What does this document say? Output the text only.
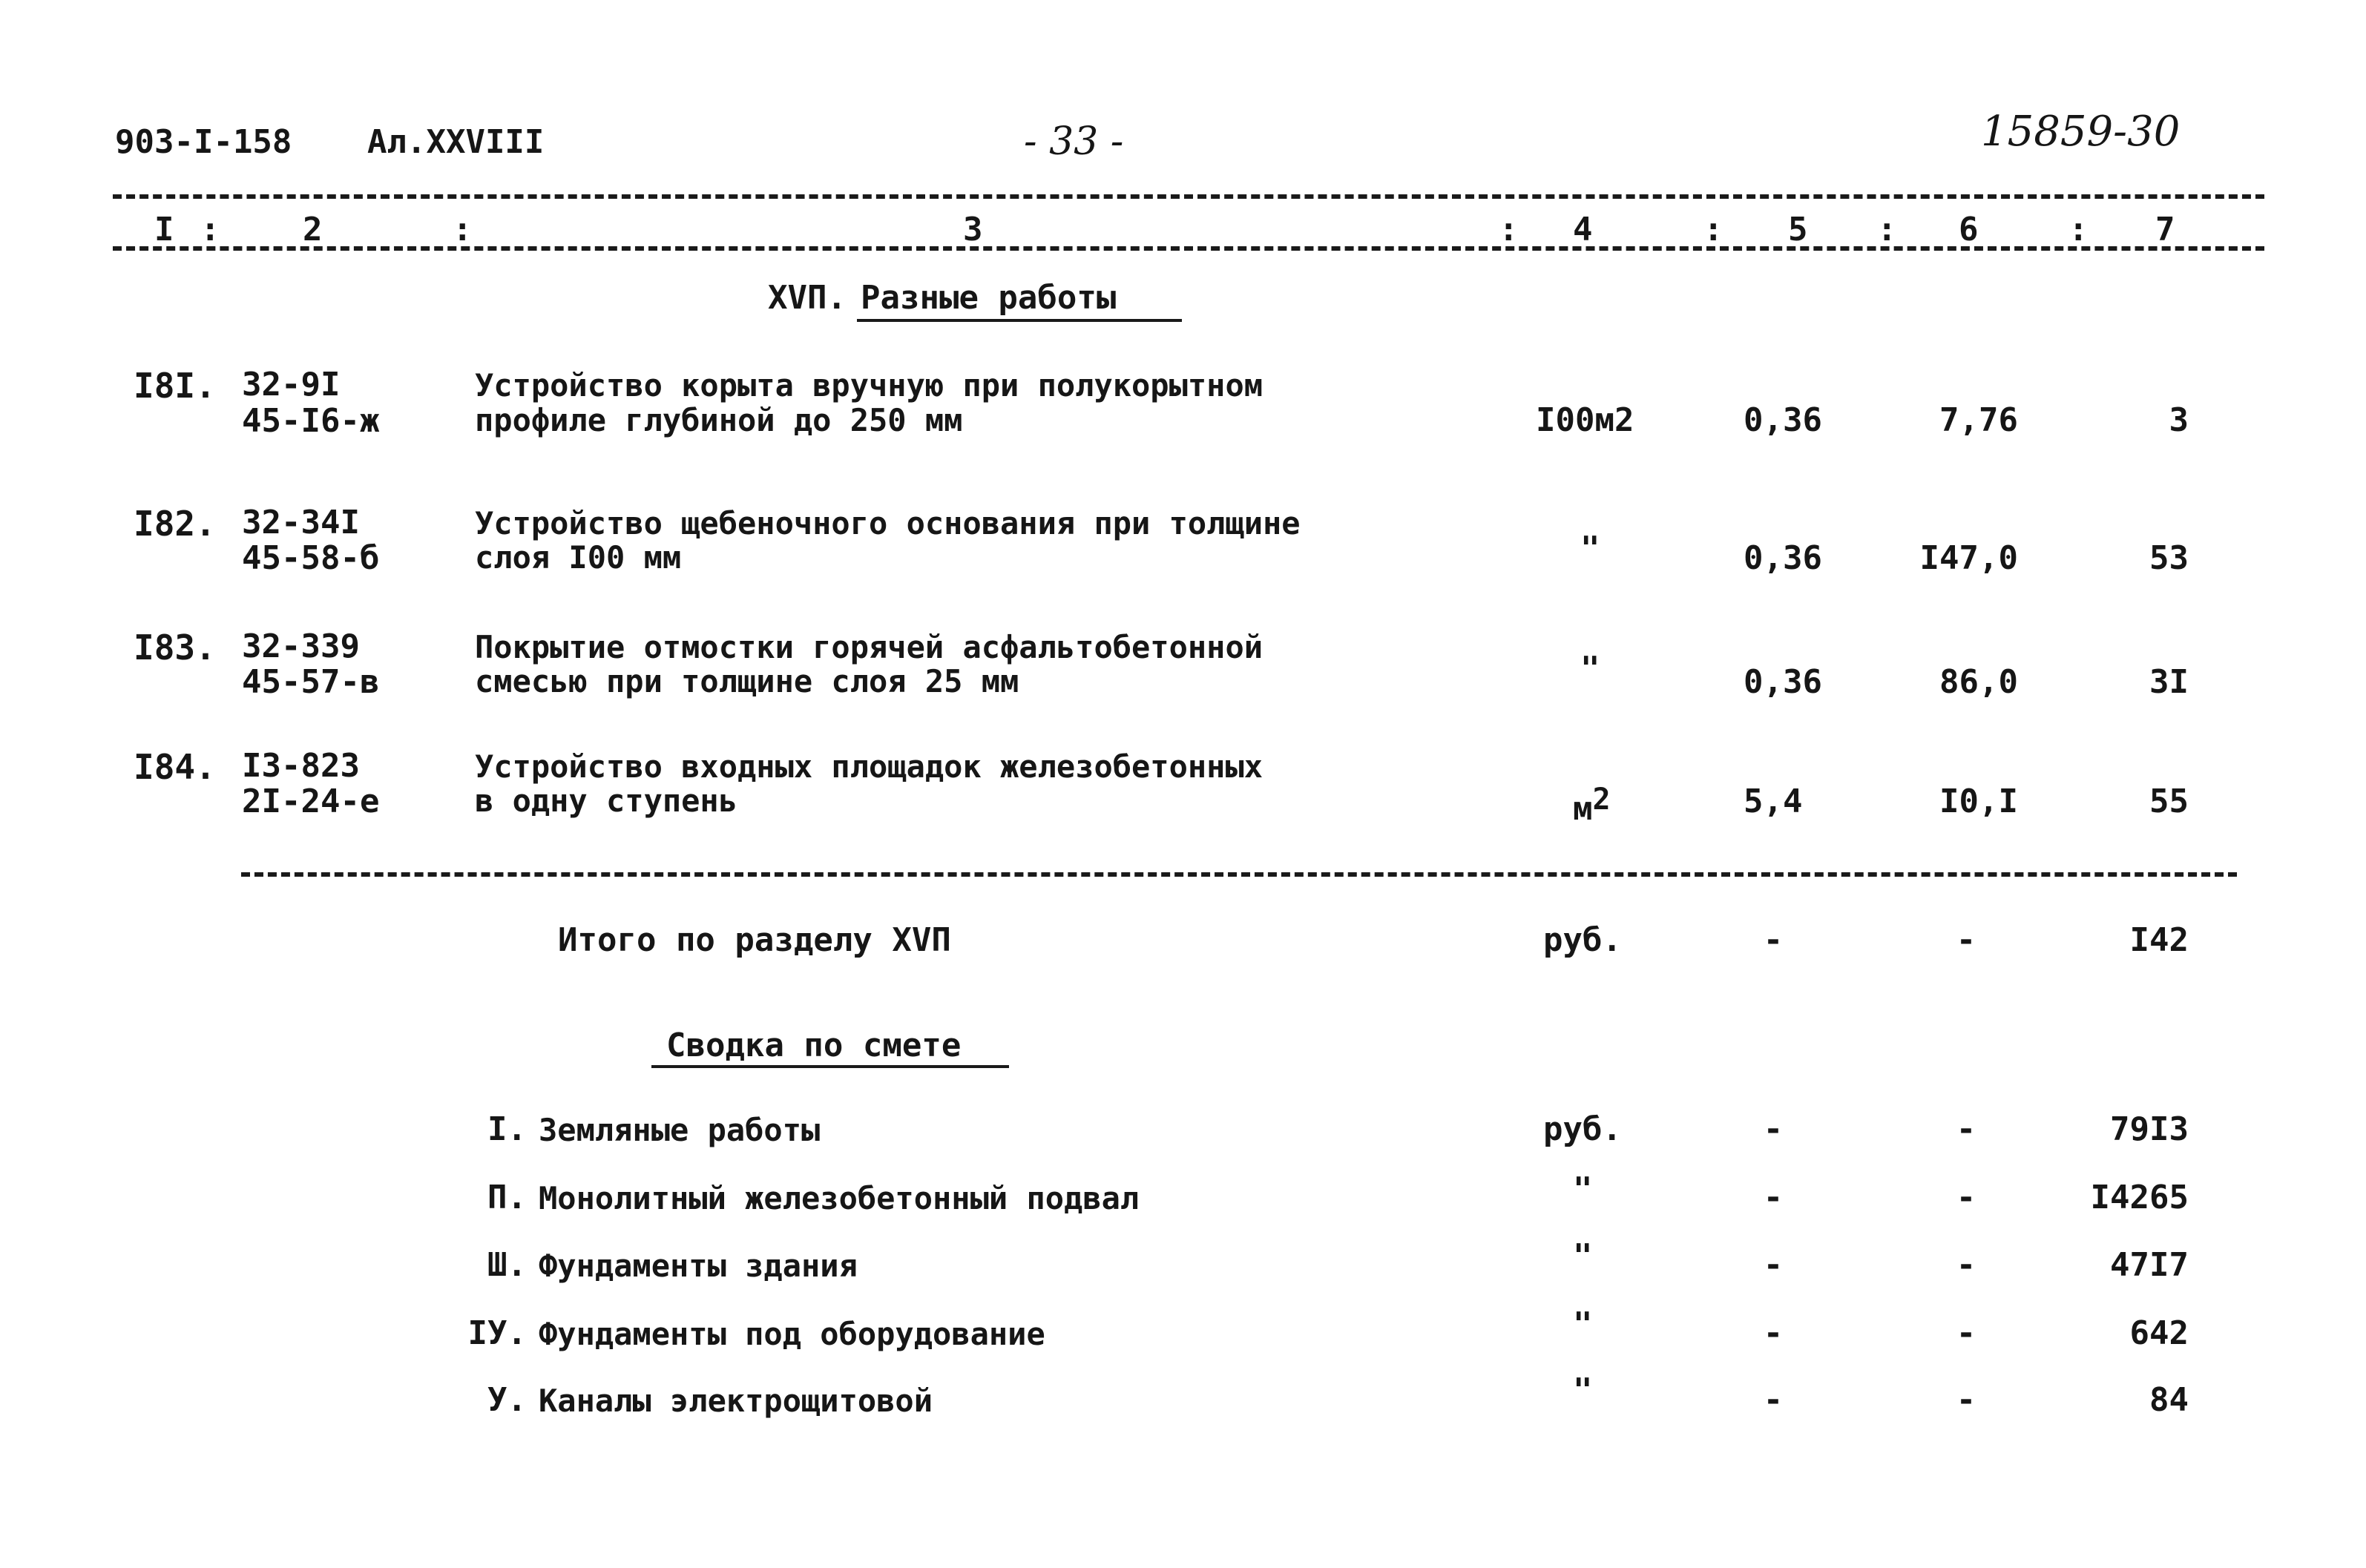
903-I-158 Ал.XXVIII	- 33 -	15859-30
I :	2	:	3	: 4	: 5 : 6	: 7
ХVП. Разные работы
I8I. 32-9I
45-I6-ж
Устройство корыта вручную при полукорытном
профиле глубиной до 250 мм	I00м2	0,36	7,76	3
I82. 32-34I
45-58-б
Устройство щебеночного основания при толщине
слоя I00 мм	"	0,36	I47,0	53
I83. 32-339
45-57-в
Покрытие отмостки горячей асфальтобетонной
смесью при толщине слоя 25 мм	"	0,36	86,0	3I
I84. I3-823
2I-24-е
Устройство входных площадок железобетонных
в одну ступень	$м^2$	5,4	I0,I	55
Итого по разделу ХVП	руб.	-	-	I42
Сводка по смете
I. Земляные работы	руб.	-	-	79I3
П. Монолитный железобетонный подвал	"	-	-	I4265
Ш. Фундаменты здания	"	-	-	47I7
IУ. Фундаменты под оборудование	"	-	-	642
У. Каналы электрощитовой	"	-	-	84
